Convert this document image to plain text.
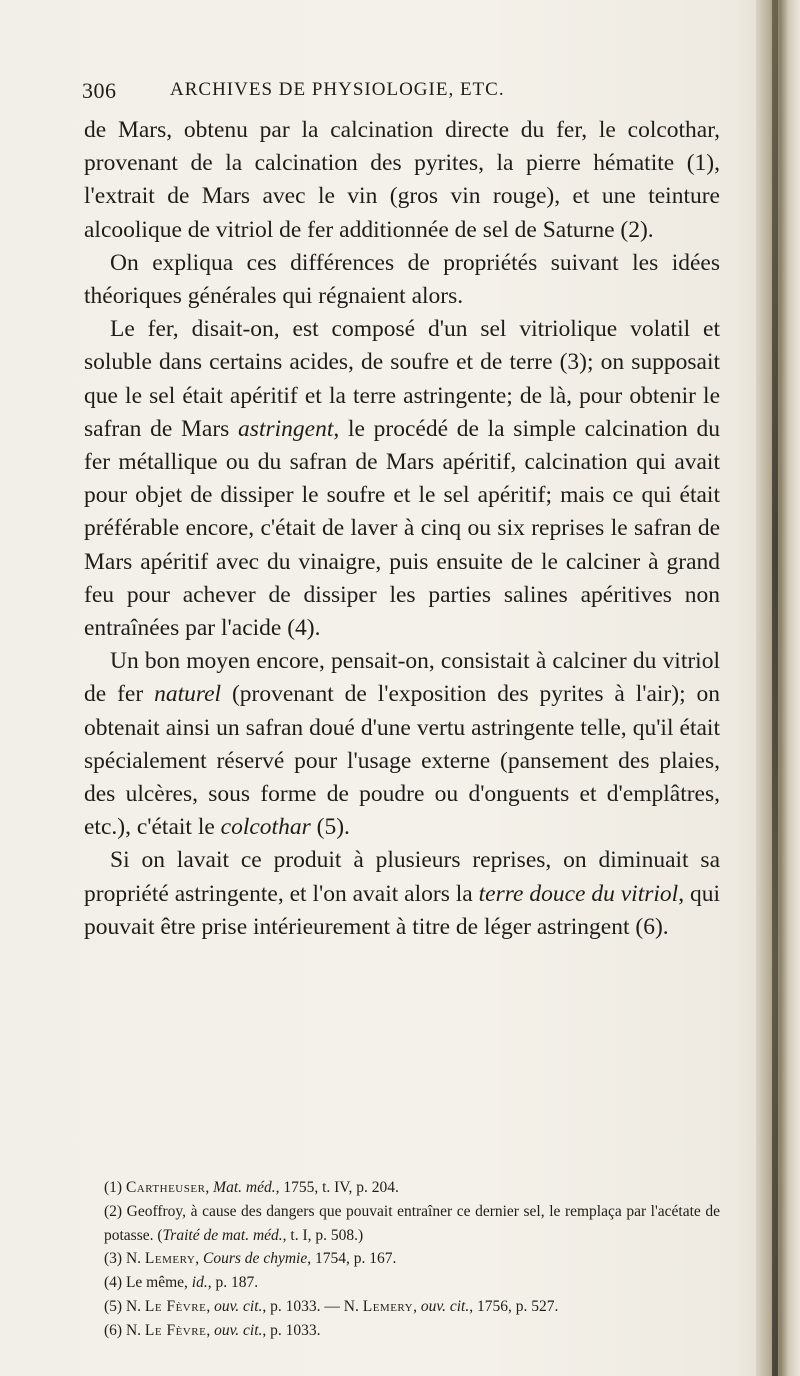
306	ARCHIVES DE PHYSIOLOGIE, ETC.

de Mars, obtenu par la calcination directe du fer, le colcothar, provenant de la calcination des pyrites, la pierre hématite (1), l'extrait de Mars avec le vin (gros vin rouge), et une teinture alcoolique de vitriol de fer additionnée de sel de Saturne (2).

On expliqua ces différences de propriétés suivant les idées théoriques générales qui régnaient alors.

Le fer, disait-on, est composé d'un sel vitriolique volatil et soluble dans certains acides, de soufre et de terre (3); on supposait que le sel était apéritif et la terre astringente; de là, pour obtenir le safran de Mars astringent, le procédé de la simple calcination du fer métallique ou du safran de Mars apéritif, calcination qui avait pour objet de dissiper le soufre et le sel apéritif; mais ce qui était préférable encore, c'était de laver à cinq ou six reprises le safran de Mars apéritif avec du vinaigre, puis ensuite de le calciner à grand feu pour achever de dissiper les parties salines apéritives non entraînées par l'acide (4).

Un bon moyen encore, pensait-on, consistait à calciner du vitriol de fer naturel (provenant de l'exposition des pyrites à l'air); on obtenait ainsi un safran doué d'une vertu astringente telle, qu'il était spécialement réservé pour l'usage externe (pansement des plaies, des ulcères, sous forme de poudre ou d'onguents et d'emplâtres, etc.), c'était le colcothar (5).

Si on lavait ce produit à plusieurs reprises, on diminuait sa propriété astringente, et l'on avait alors la terre douce du vitriol, qui pouvait être prise intérieurement à titre de léger astringent (6).

(1) Cartheuser, Mat. méd., 1755, t. IV, p. 204.
(2) Geoffroy, à cause des dangers que pouvait entraîner ce dernier sel, le remplaça par l'acétate de potasse. (Traité de mat. méd., t. I, p. 508.)
(3) N. Lemery, Cours de chymie, 1754, p. 167.
(4) Le même, id., p. 187.
(5) N. Le Fèvre, ouv. cit., p. 1033. — N. Lemery, ouv. cit., 1756, p. 527.
(6) N. Le Fèvre, ouv. cit., p. 1033.
